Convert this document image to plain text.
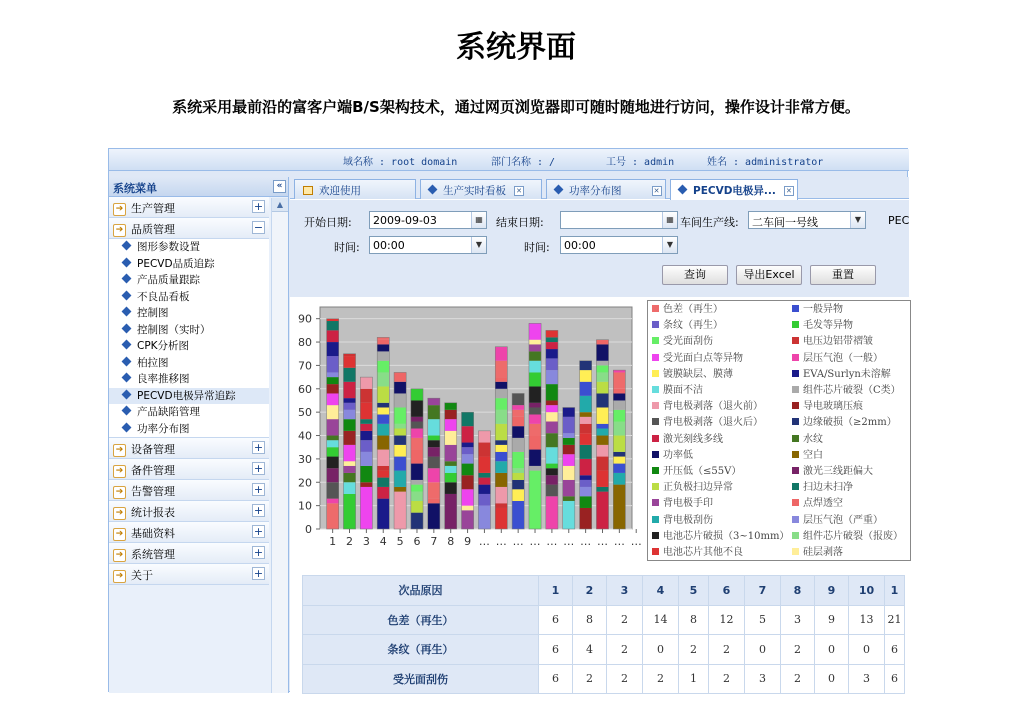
系统界面
系统采用最前沿的富客户端B/S架构技术，通过网页浏览器即可随时随地进行访问，操作设计非常方便。
域名称 : root domain	部门名称 : /	工号 : admin	姓名 : administrator
系统菜单	«
➔ 生产管理	+
➔ 品质管理	−
图形参数设置
PECVD品质追踪
产品质量跟踪
不良品看板
控制图
控制图（实时）
CPK分析图
柏拉图
良率推移图
PECVD电极异常追踪
产品缺陷管理
功率分布图
➔ 设备管理	+
➔ 备件管理	+
➔ 告警管理	+
➔ 统计报表	+
➔ 基础资料	+
➔ 系统管理	+
➔ 关于	+
▲
欢迎使用	生产实时看板 ✕	功率分布图	✕	PECVD电极异... ✕
开始日期:	2009-09-03	▦ 结束日期:	▦ 车间生产线:	二车间一号线	▼	PEC
时间:	00:00	▼	时间:	00:00	▼
查询	导出Excel	重置
0
10
20
30
40
50
60
70
80
90
1 2 3 4 5 6 7 8 9 … … … … … … … … … …
色差（再生）	一般异物
条纹（再生）	毛发等异物
受光面刮伤	电压边铝带褶皱
受光面白点等异物	层压气泡（一般）
镀膜缺层、膜薄	EVA/Surlyn未溶解
膜面不洁	组件芯片破裂（C类）
背电极剥落（退火前）	导电玻璃压痕
背电极剥落（退火后）	边缘破损（≥2mm）
激光刻线多线	水纹
功率低	空白
开压低（≤55V）	激光三线距偏大
正负极扫边异常	扫边未扫净
背电极手印	点焊透空
背电极刮伤	层压气泡（严重）
电池芯片破损（3~10mm）	组件芯片破裂（报废）
电池芯片其他不良	硅层剥落
次品原因	1	2	3	4	5	6	7	8	9	10	1
色差（再生）	6	8	2	14	8	12	5	3	9	13	21
条纹（再生）	6	4	2	0	2	2	0	2	0	0	6
受光面刮伤	6	2	2	2	1	2	3	2	0	3	6
